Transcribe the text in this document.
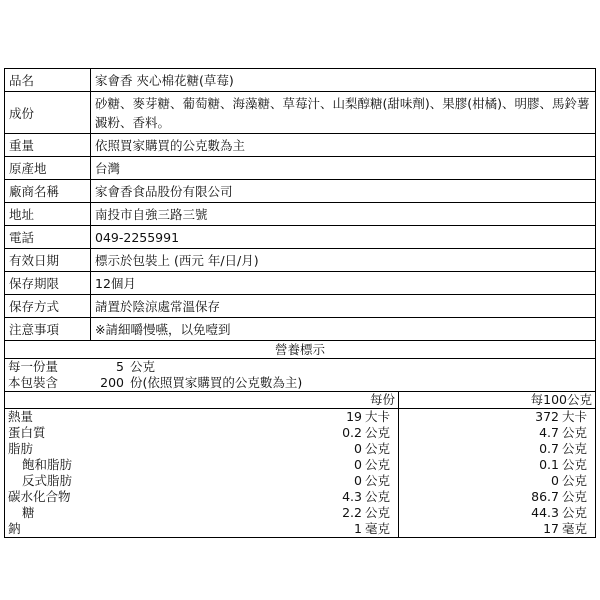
品名	家會香 夾心棉花糖(草莓)
成份	砂糖、麥芽糖、葡萄糖、海藻糖、草莓汁、山梨醇糖(甜味劑)、果膠(柑橘)、明膠、馬鈴薯澱粉、香料。
重量	依照買家購買的公克數為主
原產地	台灣
廠商名稱	家會香食品股份有限公司
地址	南投市自強三路三號
電話	049-2255991
有效日期	標示於包裝上 (西元 年/日/月)
保存期限	12個月
保存方式	請置於陰涼處常溫保存
注意事項	※請細嚼慢嚥，以免噎到
營養標示		

每一份量 5 公克		

本包裝含 200 份(依照買家購買的公克數為主)		

	每份	每100公克
熱量	19 大卡	372 大卡
蛋白質	0.2 公克	4.7 公克
脂肪	0 公克	0.7 公克
飽和脂肪	0 公克	0.1 公克
反式脂肪	0 公克	0 公克
碳水化合物	4.3 公克	86.7 公克
糖	2.2 公克	44.3 公克
鈉	1 毫克	17 毫克
